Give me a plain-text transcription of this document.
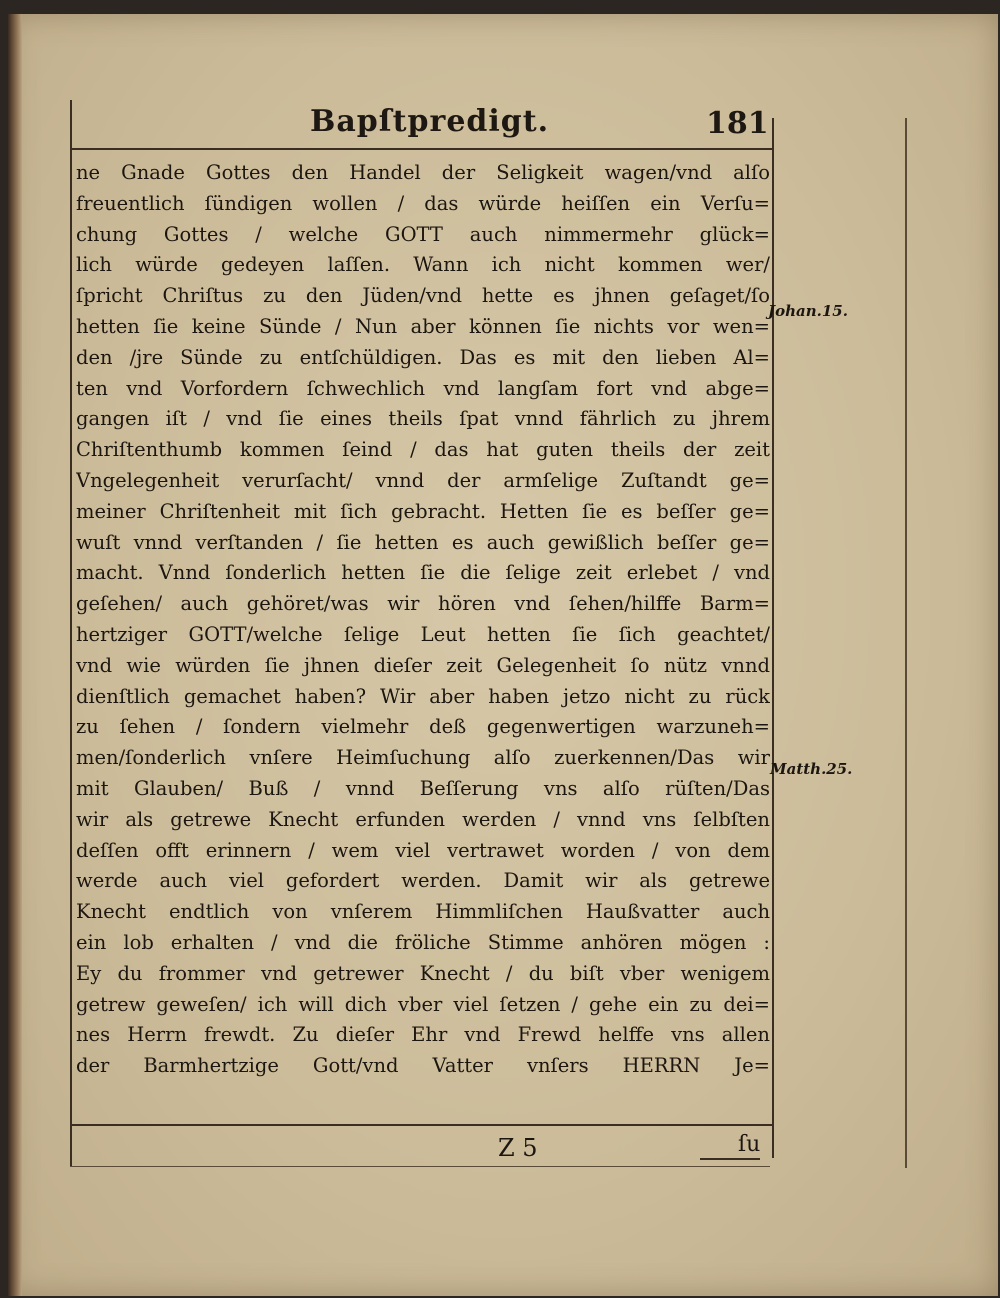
Bapſtpredigt.	181
ne Gnade Gottes den Handel der Seligkeit wagen/vnd alſo
freuentlich ſündigen wollen / das würde heiſſen ein Verſu=
chung Gottes / welche GOTT auch nimmermehr glück=
lich würde gedeyen laſſen. Wann ich nicht kommen wer/
ſpricht Chriſtus zu den Jüden/vnd hette es jhnen geſaget/ſo
hetten ſie keine Sünde / Nun aber können ſie nichts vor wen=
den /jre Sünde zu entſchüldigen. Das es mit den lieben Al=
ten vnd Vorfordern ſchwechlich vnd langſam fort vnd abge=
gangen iſt / vnd ſie eines theils ſpat vnnd fährlich zu jhrem
Chriſtenthumb kommen ſeind / das hat guten theils der zeit
Vngelegenheit verurſacht/ vnnd der armſelige Zuſtandt ge=
meiner Chriſtenheit mit ſich gebracht. Hetten ſie es beſſer ge=
wuſt vnnd verſtanden / ſie hetten es auch gewißlich beſſer ge=
macht. Vnnd ſonderlich hetten ſie die ſelige zeit erlebet / vnd
geſehen/ auch gehöret/was wir hören vnd ſehen/hilffe Barm=
hertziger GOTT/welche ſelige Leut hetten ſie ſich geachtet/
vnd wie würden ſie jhnen dieſer zeit Gelegenheit ſo nütz vnnd
dienſtlich gemachet haben? Wir aber haben jetzo nicht zu rück
zu ſehen / ſondern vielmehr deß gegenwertigen warzuneh=
men/ſonderlich vnſere Heimſuchung alſo zuerkennen/Das wir
mit Glauben/ Buß / vnnd Beſſerung vns alſo rüſten/Das
wir als getrewe Knecht erfunden werden / vnnd vns ſelbſten
deſſen offt erinnern / wem viel vertrawet worden / von dem
werde auch viel gefordert werden. Damit wir als getrewe
Knecht endtlich von vnſerem Himmliſchen Haußvatter auch
ein lob erhalten / vnd die fröliche Stimme anhören mögen :
Ey du frommer vnd getrewer Knecht / du biſt vber wenigem
getrew geweſen/ ich will dich vber viel ſetzen / gehe ein zu dei=
nes Herrn frewdt. Zu dieſer Ehr vnd Frewd helffe vns allen
der Barmhertzige Gott/vnd Vatter vnſers HERRN Je=
Johan.15.
Matth.25.
Z 5	ſu
